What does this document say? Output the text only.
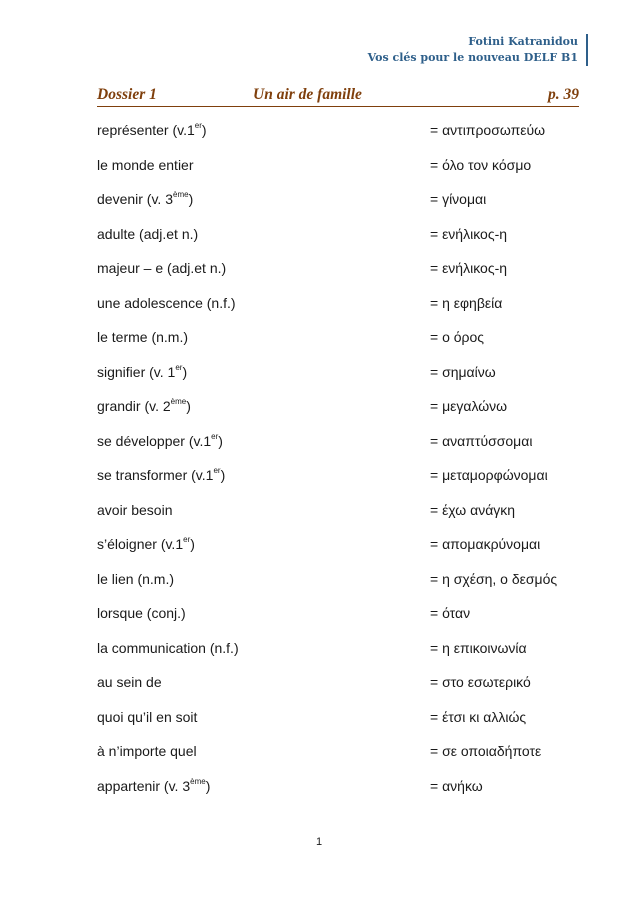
Fotini Katranidou
Vos clés pour le nouveau DELF B1
Dossier 1	Un air de famille	p. 39
représenter (v.1er)	= αντιπροσωπεύω
le monde entier	= όλο τον κόσμο
devenir (v. 3ème)	= γίνομαι
adulte (adj.et n.)	= ενήλικος-η
majeur – e (adj.et n.)	= ενήλικος-η
une adolescence (n.f.)	= η εφηβεία
le terme (n.m.)	= ο όρος
signifier (v. 1er)	= σημαίνω
grandir (v. 2ème)	= μεγαλώνω
se développer (v.1er)	= αναπτύσσομαι
se transformer (v.1er)	= μεταμορφώνομαι
avoir besoin	= έχω ανάγκη
s’éloigner (v.1er)	= απομακρύνομαι
le lien (n.m.)	= η σχέση, ο δεσμός
lorsque (conj.)	= όταν
la communication (n.f.)	= η επικοινωνία
au sein de	= στο εσωτερικό
quoi qu’il en soit	= έτσι κι αλλιώς
à n’importe quel	= σε οποιαδήποτε
appartenir (v. 3ème)	= ανήκω
1
